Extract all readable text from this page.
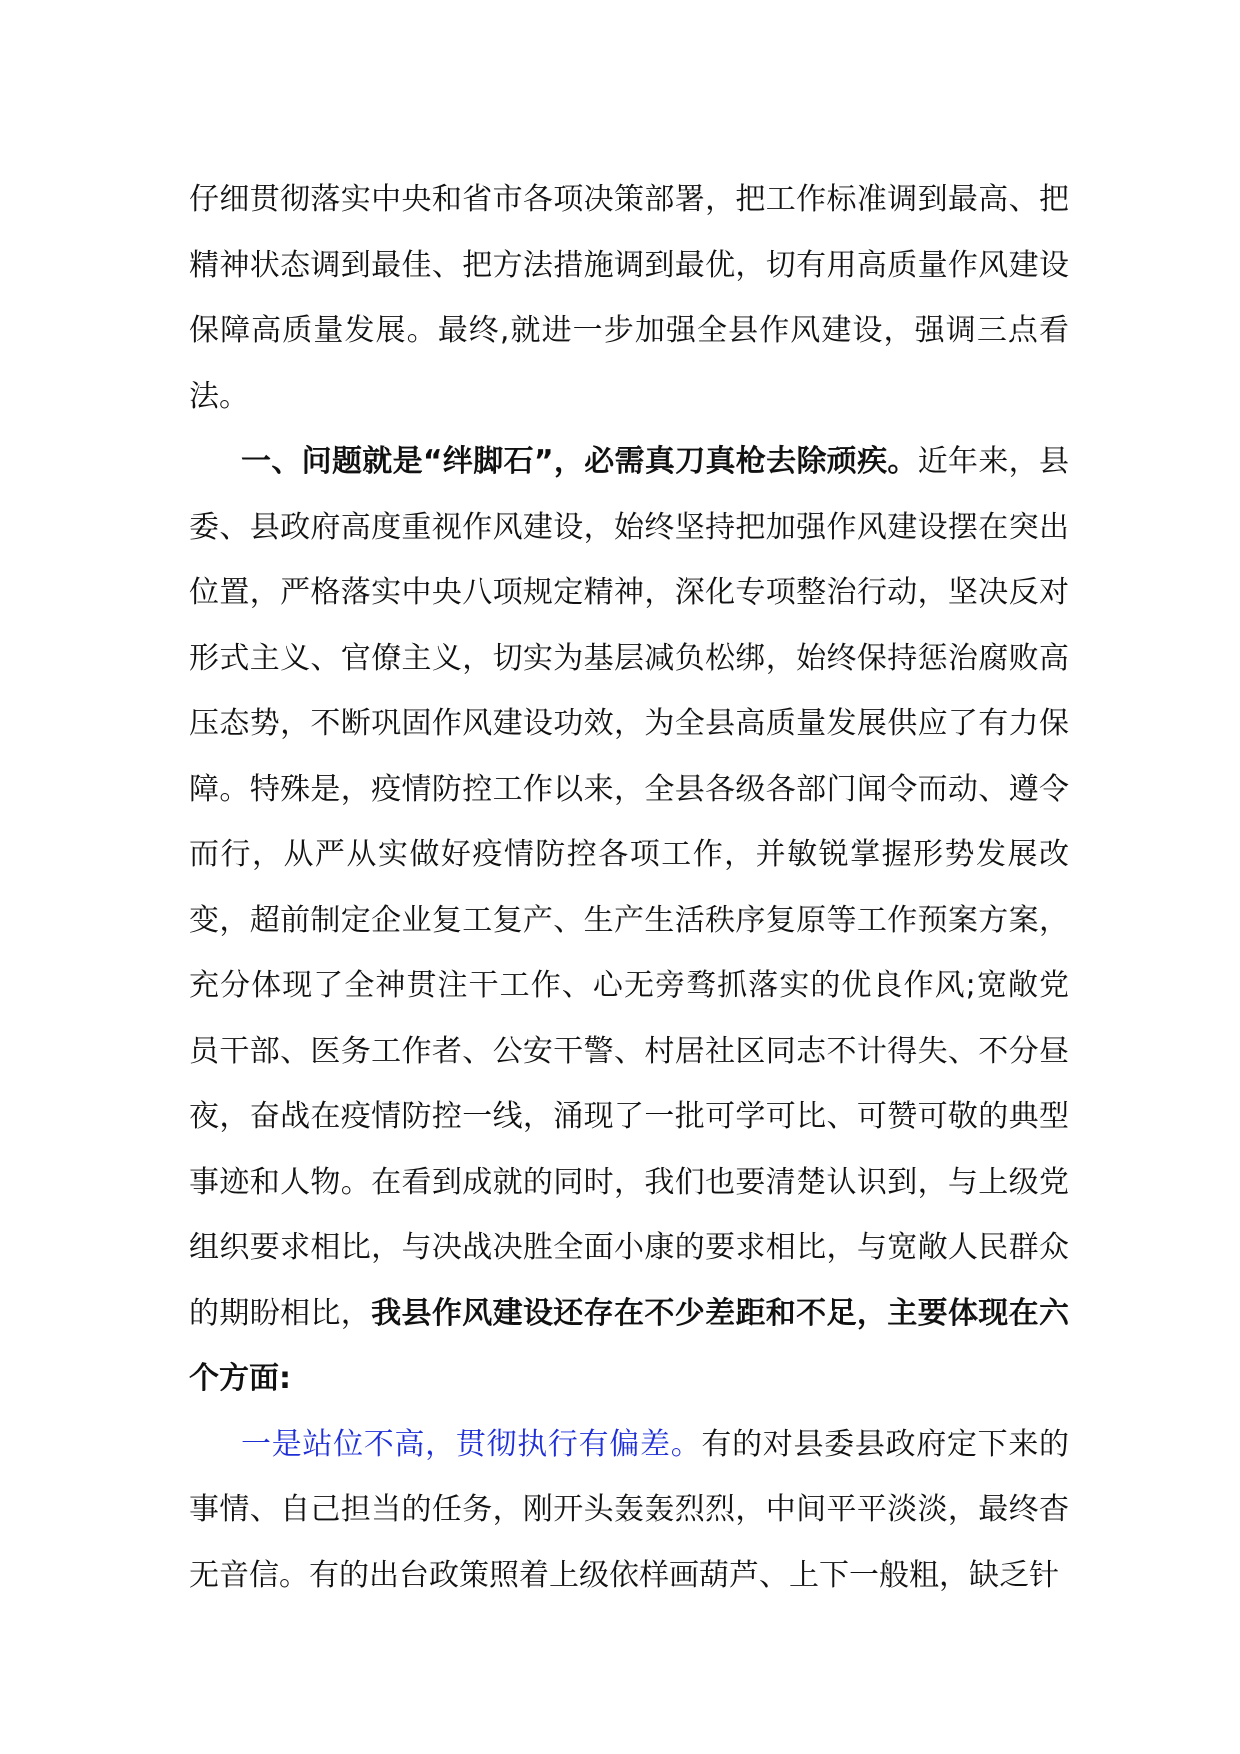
仔细贯彻落实中央和省市各项决策部署，把工作标准调到最高、把精神状态调到最佳、把方法措施调到最优，切有用高质量作风建设保障高质量发展。最终,就进一步加强全县作风建设，强调三点看法。

一、问题就是“绊脚石”，必需真刀真枪去除顽疾。近年来，县委、县政府高度重视作风建设，始终坚持把加强作风建设摆在突出位置，严格落实中央八项规定精神，深化专项整治行动，坚决反对形式主义、官僚主义，切实为基层减负松绑，始终保持惩治腐败高压态势，不断巩固作风建设功效，为全县高质量发展供应了有力保障。特殊是，疫情防控工作以来，全县各级各部门闻令而动、遵令而行，从严从实做好疫情防控各项工作，并敏锐掌握形势发展改变，超前制定企业复工复产、生产生活秩序复原等工作预案方案，充分体现了全神贯注干工作、心无旁骛抓落实的优良作风;宽敞党员干部、医务工作者、公安干警、村居社区同志不计得失、不分昼夜，奋战在疫情防控一线，涌现了一批可学可比、可赞可敬的典型事迹和人物。在看到成就的同时，我们也要清楚认识到，与上级党组织要求相比，与决战决胜全面小康的要求相比，与宽敞人民群众的期盼相比，我县作风建设还存在不少差距和不足，主要体现在六个方面:

一是站位不高，贯彻执行有偏差。有的对县委县政府定下来的事情、自己担当的任务，刚开头轰轰烈烈，中间平平淡淡，最终杳无音信。有的出台政策照着上级依样画葫芦、上下一般粗，缺乏针
